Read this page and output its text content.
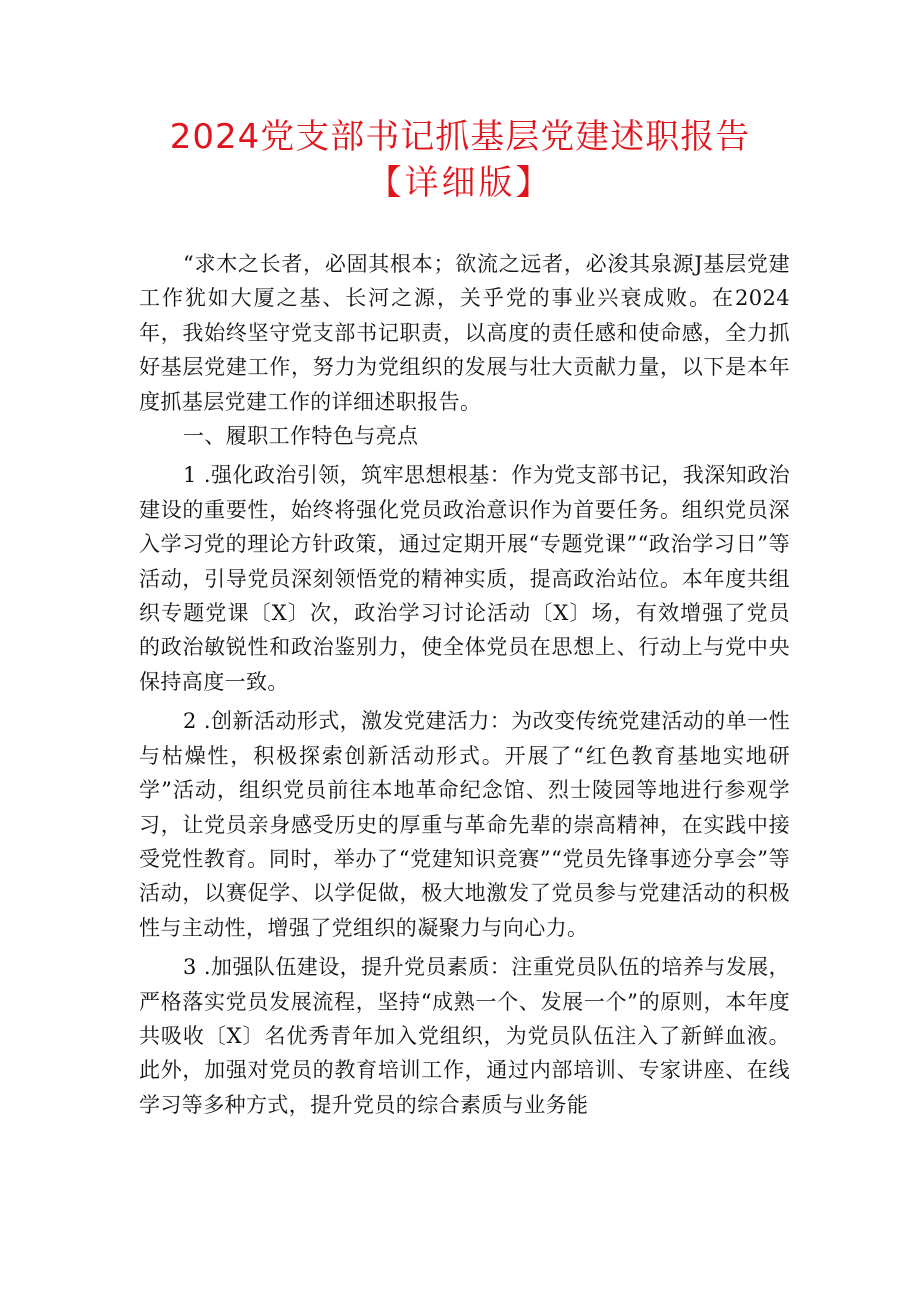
2024党支部书记抓基层党建述职报告
【详细版】

“求木之长者，必固其根本；欲流之远者，必浚其泉源J基层党建工作犹如大厦之基、长河之源，关乎党的事业兴衰成败。在2024年，我始终坚守党支部书记职责，以高度的责任感和使命感，全力抓好基层党建工作，努力为党组织的发展与壮大贡献力量，以下是本年度抓基层党建工作的详细述职报告。

一、履职工作特色与亮点

1 .强化政治引领，筑牢思想根基：作为党支部书记，我深知政治建设的重要性，始终将强化党员政治意识作为首要任务。组织党员深入学习党的理论方针政策，通过定期开展“专题党课”“政治学习日”等活动，引导党员深刻领悟党的精神实质，提高政治站位。本年度共组织专题党课〔X〕次，政治学习讨论活动〔X〕场，有效增强了党员的政治敏锐性和政治鉴别力，使全体党员在思想上、行动上与党中央保持高度一致。

2 .创新活动形式，激发党建活力：为改变传统党建活动的单一性与枯燥性，积极探索创新活动形式。开展了“红色教育基地实地研学”活动，组织党员前往本地革命纪念馆、烈士陵园等地进行参观学习，让党员亲身感受历史的厚重与革命先辈的崇高精神，在实践中接受党性教育。同时，举办了“党建知识竞赛”“党员先锋事迹分享会”等活动，以赛促学、以学促做，极大地激发了党员参与党建活动的积极性与主动性，增强了党组织的凝聚力与向心力。

3 .加强队伍建设，提升党员素质：注重党员队伍的培养与发展，严格落实党员发展流程，坚持“成熟一个、发展一个”的原则，本年度共吸收〔X〕名优秀青年加入党组织，为党员队伍注入了新鲜血液。此外，加强对党员的教育培训工作，通过内部培训、专家讲座、在线学习等多种方式，提升党员的综合素质与业务能
